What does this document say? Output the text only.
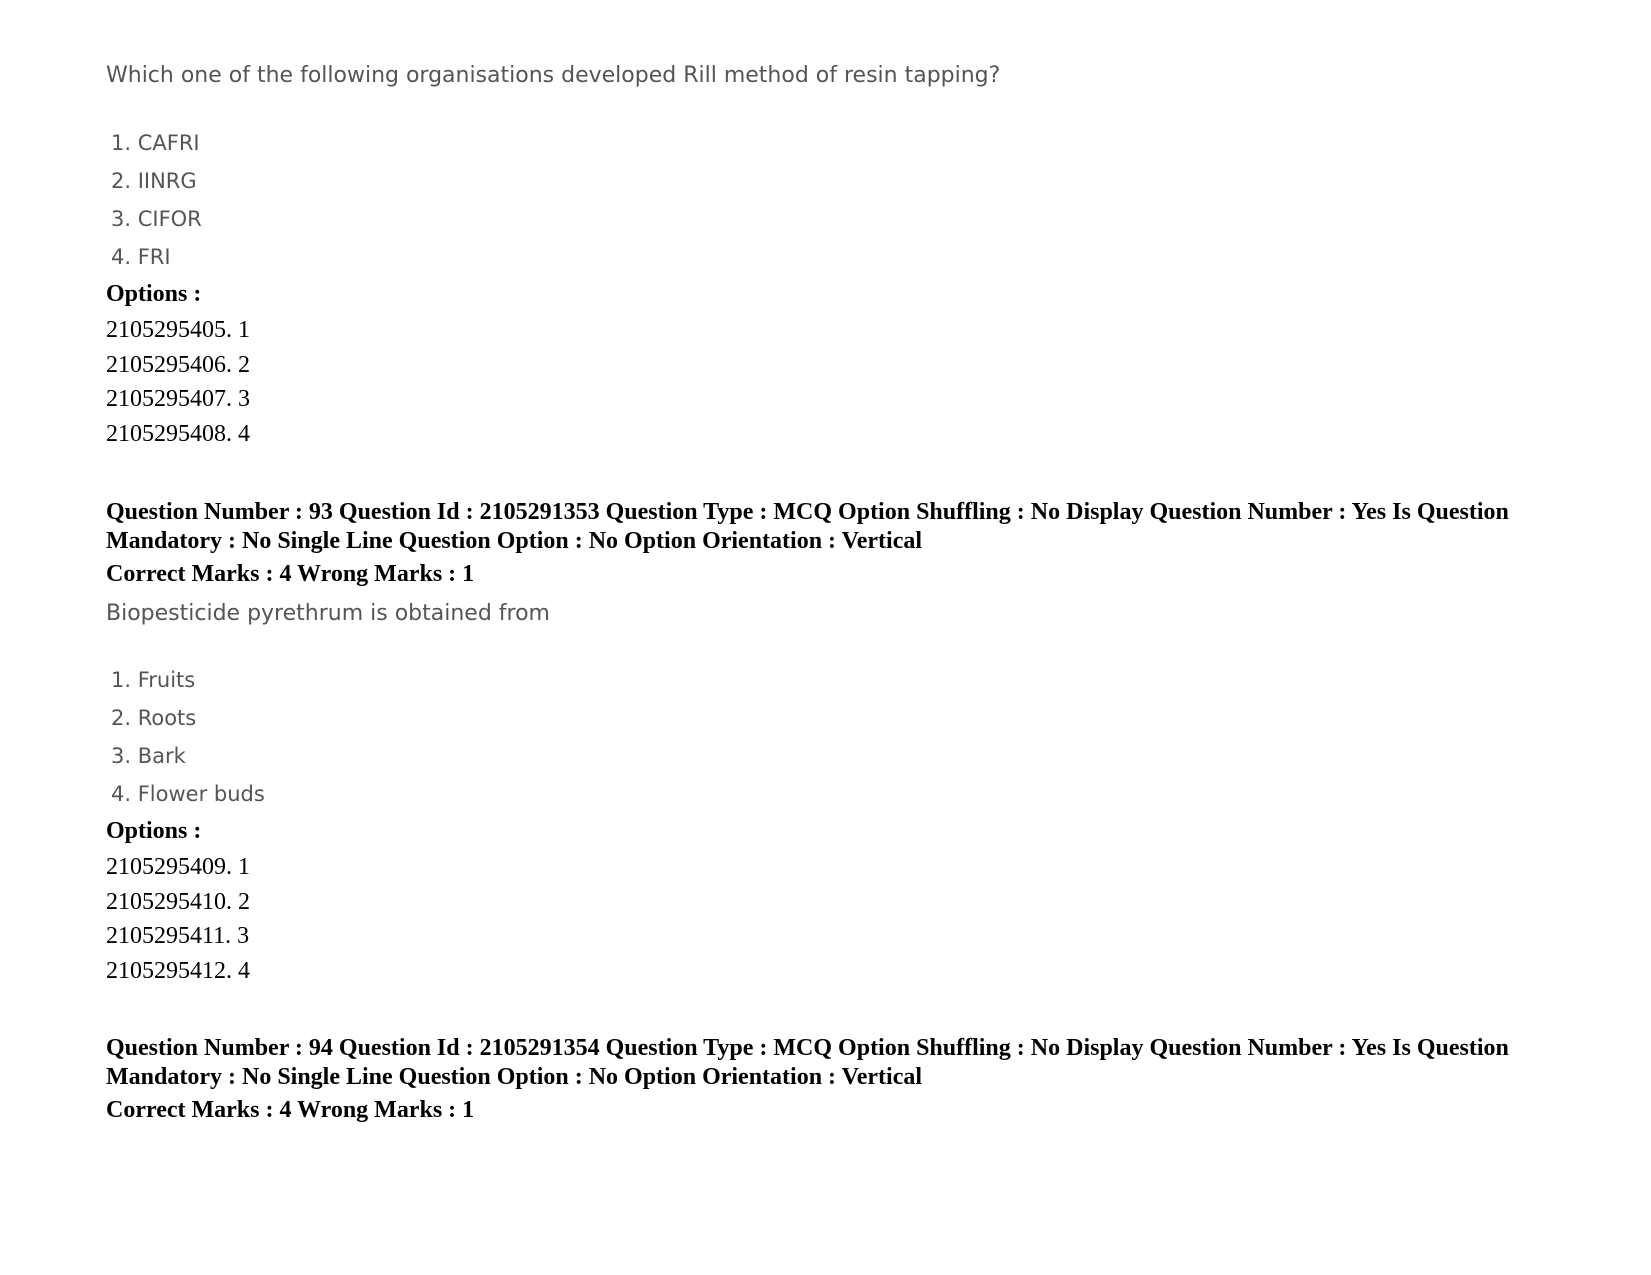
Which one of the following organisations developed Rill method of resin tapping?
1. CAFRI
2. IINRG
3. CIFOR
4. FRI
Options :
2105295405. 1
2105295406. 2
2105295407. 3
2105295408. 4
Question Number : 93 Question Id : 2105291353 Question Type : MCQ Option Shuffling : No Display Question Number : Yes Is Question Mandatory : No Single Line Question Option : No Option Orientation : Vertical
Correct Marks : 4 Wrong Marks : 1
Biopesticide pyrethrum is obtained from
1. Fruits
2. Roots
3. Bark
4. Flower buds
Options :
2105295409. 1
2105295410. 2
2105295411. 3
2105295412. 4
Question Number : 94 Question Id : 2105291354 Question Type : MCQ Option Shuffling : No Display Question Number : Yes Is Question Mandatory : No Single Line Question Option : No Option Orientation : Vertical
Correct Marks : 4 Wrong Marks : 1
